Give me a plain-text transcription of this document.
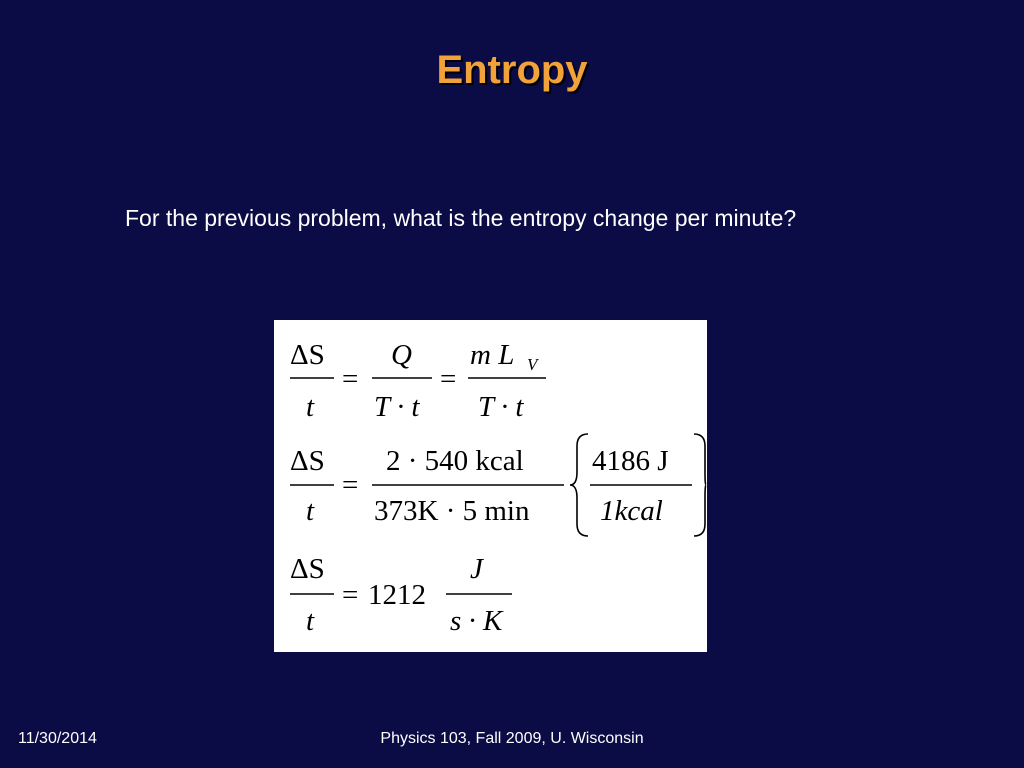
Entropy
For the previous problem, what is the entropy change per minute?
ΔS
t
=
Q
T · t
=
m L V
T · t
ΔS
t
=
2 · 540 kcal
373K · 5 min
4186 J
1kcal
ΔS
t
= 1212
J
s · K
11/30/2014	Physics 103, Fall 2009, U. Wisconsin
